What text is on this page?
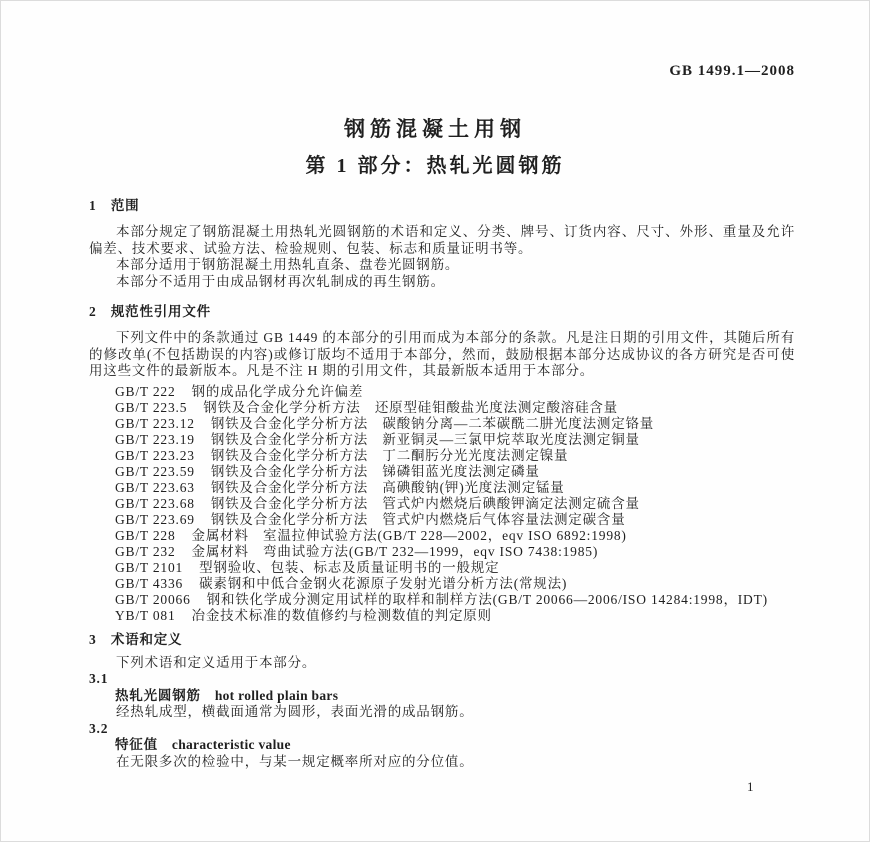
GB 1499.1—2008
钢筋混凝土用钢
第 1 部分：热轧光圆钢筋
1　范围

本部分规定了钢筋混凝土用热轧光圆钢筋的术语和定义、分类、牌号、订货内容、尺寸、外形、重量及允许偏差、技术要求、试验方法、检验规则、包装、标志和质量证明书等。

本部分适用于钢筋混凝土用热轧直条、盘卷光圆钢筋。

本部分不适用于由成品钢材再次轧制成的再生钢筋。

2　规范性引用文件

下列文件中的条款通过 GB 1449 的本部分的引用而成为本部分的条款。凡是注日期的引用文件，其随后所有的修改单(不包括勘误的内容)或修订版均不适用于本部分，然而，鼓励根据本部分达成协议的各方研究是否可使用这些文件的最新版本。凡是不注 H 期的引用文件，其最新版本适用于本部分。

GB/T 222 钢的成品化学成分允许偏差
GB/T 223.5 钢铁及合金化学分析方法　还原型硅钼酸盐光度法测定酸溶硅含量
GB/T 223.12 钢铁及合金化学分析方法　碳酸钠分离—二苯碳酰二肼光度法测定铬量
GB/T 223.19 钢铁及合金化学分析方法　新亚铜灵—三氯甲烷萃取光度法测定铜量
GB/T 223.23 钢铁及合金化学分析方法　丁二酮肟分光光度法测定镍量
GB/T 223.59 钢铁及合金化学分析方法　锑磷钼蓝光度法测定磷量
GB/T 223.63 钢铁及合金化学分析方法　高碘酸钠(钾)光度法测定锰量
GB/T 223.68 钢铁及合金化学分析方法　管式炉内燃烧后碘酸钾滴定法测定硫含量
GB/T 223.69 钢铁及合金化学分析方法　管式炉内燃烧后气体容量法测定碳含量
GB/T 228 金属材料　室温拉伸试验方法(GB/T 228—2002，eqv ISO 6892:1998)
GB/T 232 金属材料　弯曲试验方法(GB/T 232—1999，eqv ISO 7438:1985)
GB/T 2101 型钢验收、包装、标志及质量证明书的一般规定
GB/T 4336 碳素钢和中低合金钢火花源原子发射光谱分析方法(常规法)
GB/T 20066 钢和铁化学成分测定用试样的取样和制样方法(GB/T 20066—2006/ISO 14284:1998，IDT)
YB/T 081 冶金技术标准的数值修约与检测数值的判定原则
3　术语和定义

下列术语和定义适用于本部分。

3.1

热轧光圆钢筋 hot rolled plain bars

经热轧成型，横截面通常为圆形，表面光滑的成品钢筋。

3.2

特征值 characteristic value

在无限多次的检验中，与某一规定概率所对应的分位值。

1
